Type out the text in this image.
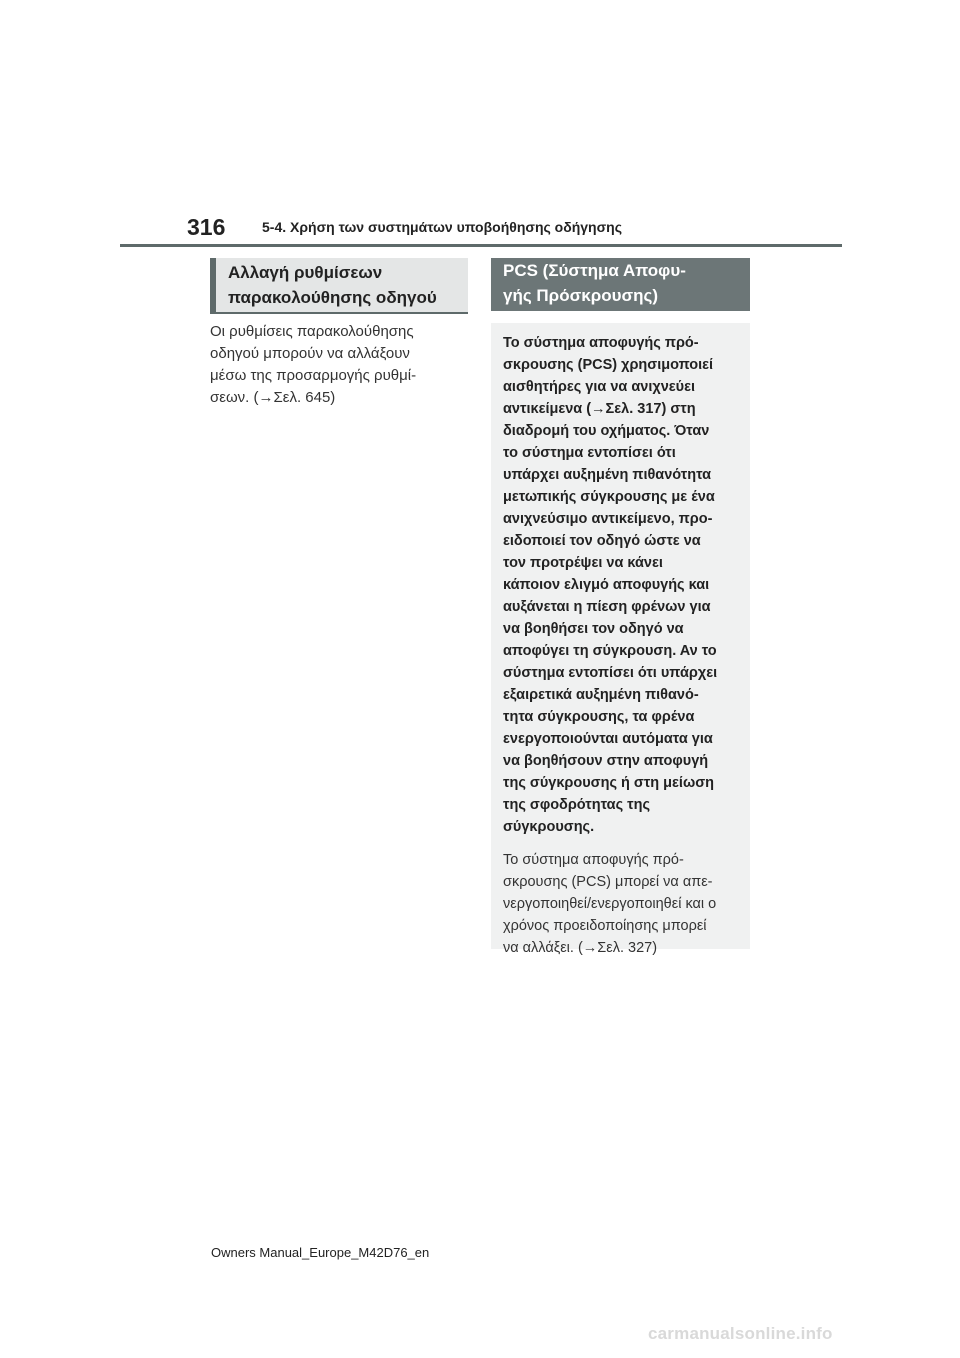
316	5-4. Χρήση των συστημάτων υποβοήθησης οδήγησης
Αλλαγή ρυθμίσεων
παρακολούθησης οδηγού
Οι ρυθμίσεις παρακολούθησης
οδηγού μπορούν να αλλάξουν
μέσω της προσαρμογής ρυθμί-
σεων. (→Σελ. 645)
PCS (Σύστημα Αποφυ-
γής Πρόσκρουσης)

Το σύστημα αποφυγής πρό-
σκρουσης (PCS) χρησιμοποιεί
αισθητήρες για να ανιχνεύει
αντικείμενα (→Σελ. 317) στη
διαδρομή του οχήματος. Όταν
το σύστημα εντοπίσει ότι
υπάρχει αυξημένη πιθανότητα
μετωπικής σύγκρουσης με ένα
ανιχνεύσιμο αντικείμενο, προ-
ειδοποιεί τον οδηγό ώστε να
τον προτρέψει να κάνει
κάποιον ελιγμό αποφυγής και
αυξάνεται η πίεση φρένων για
να βοηθήσει τον οδηγό να
αποφύγει τη σύγκρουση. Αν το
σύστημα εντοπίσει ότι υπάρχει
εξαιρετικά αυξημένη πιθανό-
τητα σύγκρουσης, τα φρένα
ενεργοποιούνται αυτόματα για
να βοηθήσουν στην αποφυγή
της σύγκρουσης ή στη μείωση
της σφοδρότητας της
σύγκρουσης.

Το σύστημα αποφυγής πρό-
σκρουσης (PCS) μπορεί να απε-
νεργοποιηθεί/ενεργοποιηθεί και ο
χρόνος προειδοποίησης μπορεί
να αλλάξει. (→Σελ. 327)

Owners Manual_Europe_M42D76_en
carmanualsonline.info
